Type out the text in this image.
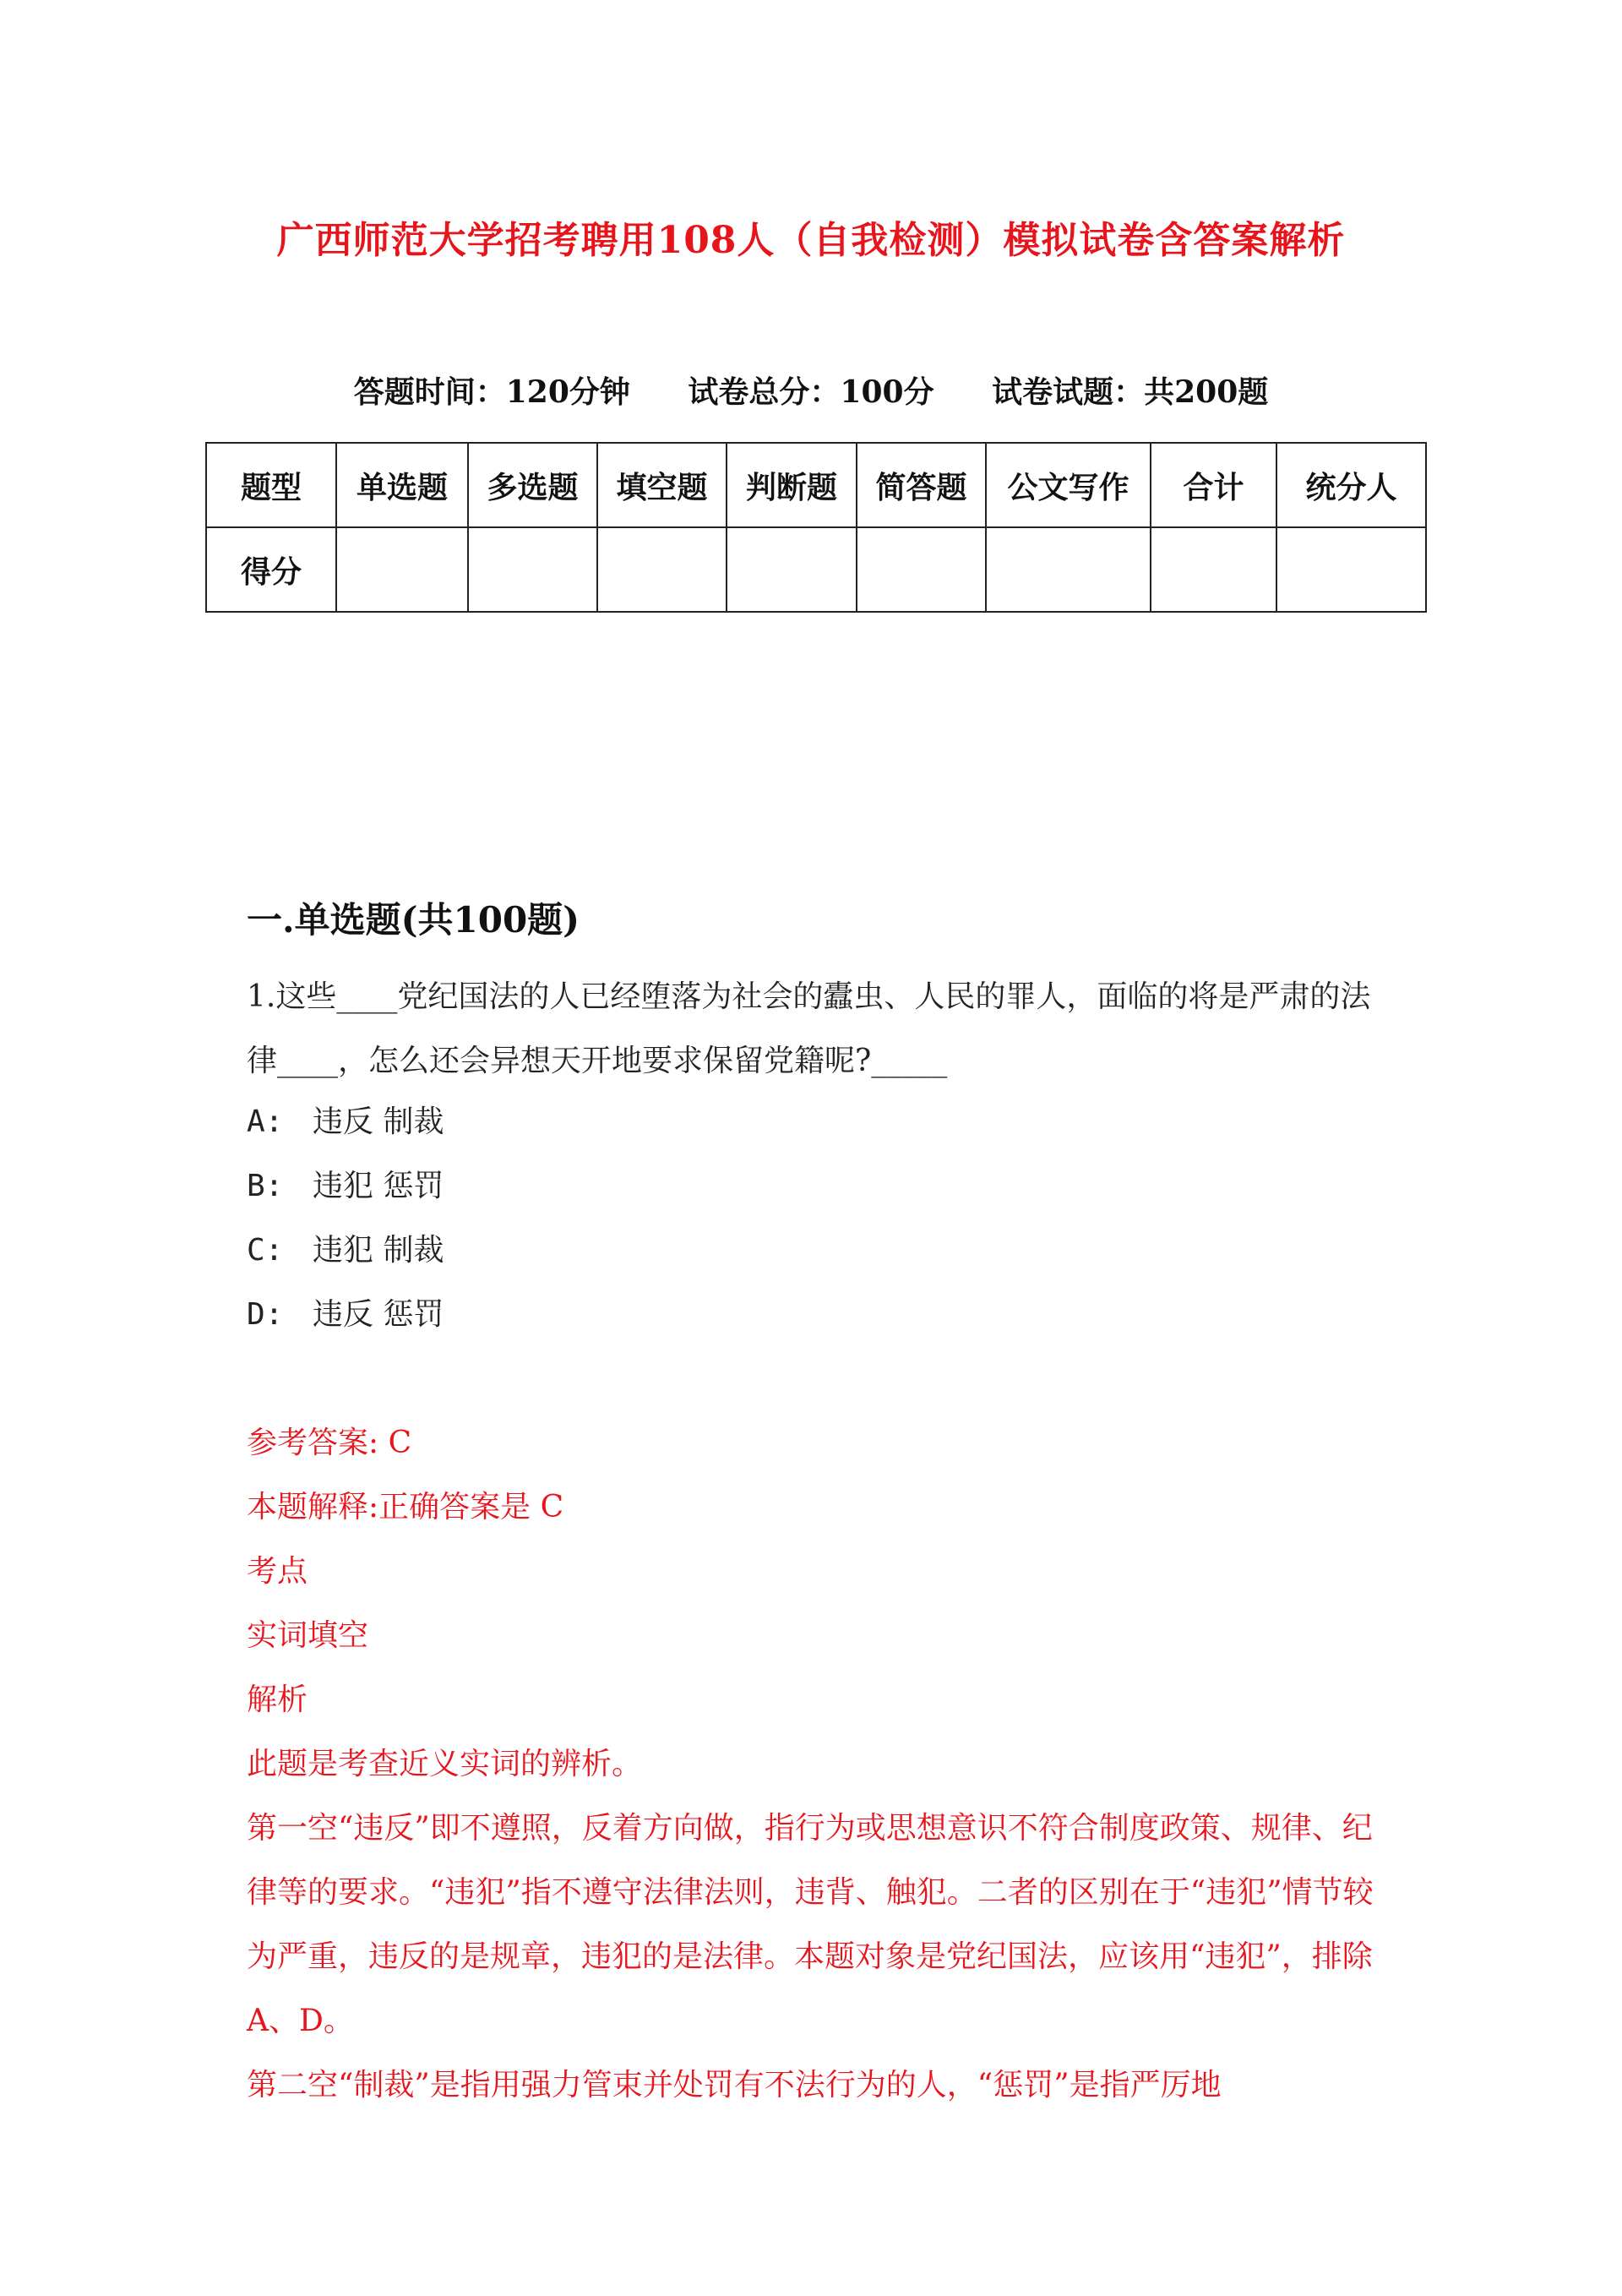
广西师范大学招考聘用108人（自我检测）模拟试卷含答案解析
答题时间：120分钟 试卷总分：100分 试卷试题：共200题
题型	单选题	多选题	填空题	判断题	简答题	公文写作	合计	统分人
得分								
一.单选题(共100题)
1.这些____党纪国法的人已经堕落为社会的蠹虫、人民的罪人，面临的将是严肃的法律____，怎么还会异想天开地要求保留党籍呢?_____
A: 违反 制裁
B: 违犯 惩罚
C: 违犯 制裁
D: 违反 惩罚
参考答案: C
本题解释:正确答案是 C
考点
实词填空
解析
此题是考查近义实词的辨析。
第一空“违反”即不遵照，反着方向做，指行为或思想意识不符合制度政策、规律、纪律等的要求。“违犯”指不遵守法律法则，违背、触犯。二者的区别在于“违犯”情节较为严重，违反的是规章，违犯的是法律。本题对象是党纪国法，应该用“违犯”，排除A、D。
第二空“制裁”是指用强力管束并处罚有不法行为的人，“惩罚”是指严厉地
